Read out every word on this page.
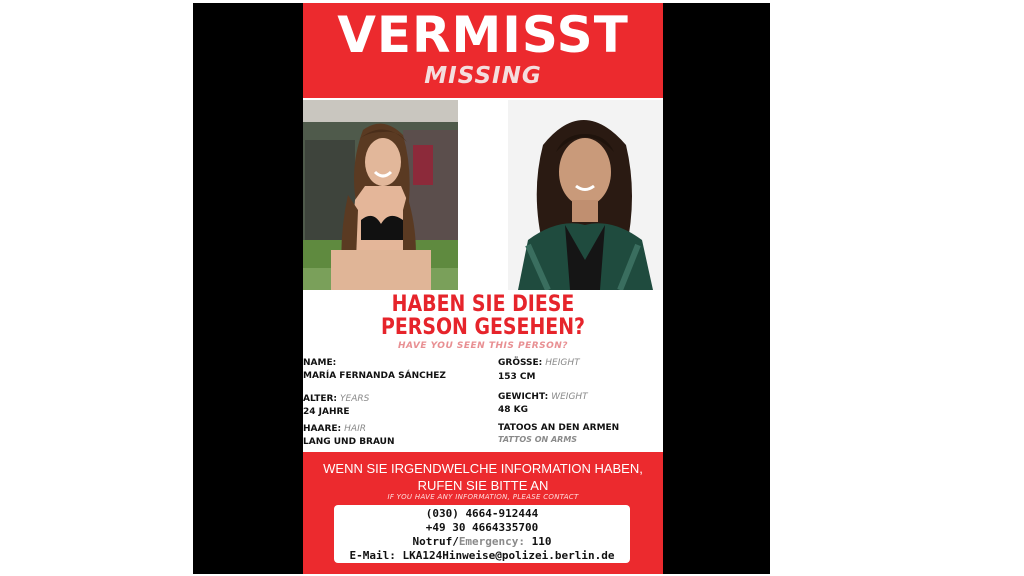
VERMISST
MISSING
HABEN SIE DIESE
PERSON GESEHEN?
HAVE YOU SEEN THIS PERSON?
NAME:
MARÍA FERNANDA SÁNCHEZ
ALTER: YEARS
24 JAHRE
HAARE: HAIR
LANG UND BRAUN
GRÖSSE: HEIGHT
153 CM
GEWICHT: WEIGHT
48 KG
TATOOS AN DEN ARMEN
TATTOS ON ARMS
WENN SIE IRGENDWELCHE INFORMATION HABEN,
RUFEN SIE BITTE AN
IF YOU HAVE ANY INFORMATION, PLEASE CONTACT
(030) 4664-912444
+49 30 4664335700
Notruf/Emergency: 110
E-Mail: LKA124Hinweise@polizei.berlin.de
